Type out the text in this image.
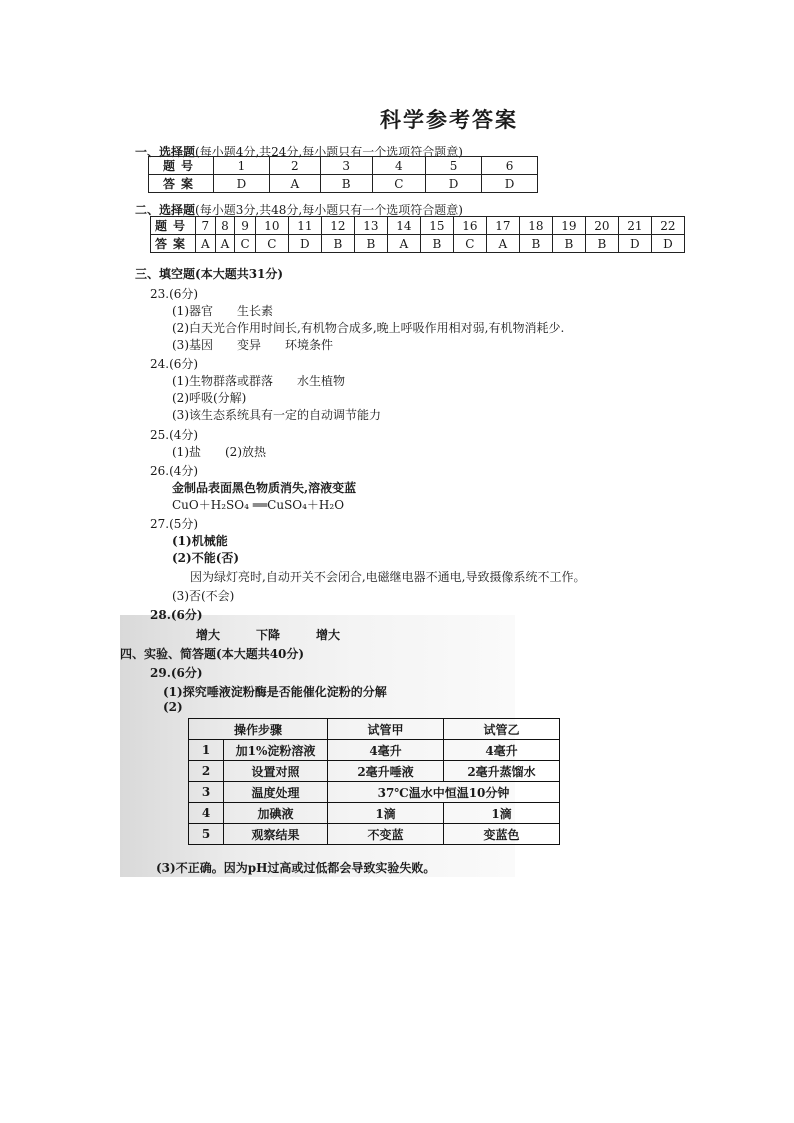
科学参考答案
一、选择题(每小题4分,共24分,每小题只有一个选项符合题意)
题号	1	2	3	4	5	6
答案	D	A	B	C	D	D
二、选择题(每小题3分,共48分,每小题只有一个选项符合题意)
题号	7	8	9	10	11	12	13	14	15	16	17	18	19	20	21	22
答案	A	A	C	C	D	B	B	A	B	C	A	B	B	B	D	D
三、填空题(本大题共31分)
23.(6分)
(1)器官　　生长素
(2)白天光合作用时间长,有机物合成多,晚上呼吸作用相对弱,有机物消耗少.
(3)基因　　变异　　环境条件
24.(6分)
(1)生物群落或群落　　水生植物
(2)呼吸(分解)
(3)该生态系统具有一定的自动调节能力
25.(4分)
(1)盐　　(2)放热
26.(4分)
金制品表面黑色物质消失,溶液变蓝
CuO＋H₂SO₄ ══CuSO₄＋H₂O
27.(5分)
(1)机械能
(2)不能(否)
因为绿灯亮时,自动开关不会闭合,电磁继电器不通电,导致摄像系统不工作。
(3)否(不会)
28.(6分)
增大　　　下降　　　增大
四、实验、简答题(本大题共40分)
29.(6分)
(1)探究唾液淀粉酶是否能催化淀粉的分解
(2)
操作步骤		试管甲	试管乙
1	加1%淀粉溶液	4毫升	4毫升
2	设置对照	2毫升唾液	2毫升蒸馏水
3	温度处理	37℃温水中恒温10分钟	
4	加碘液	1滴	1滴
5	观察结果	不变蓝	变蓝色
(3)不正确。因为pH过高或过低都会导致实验失败。
